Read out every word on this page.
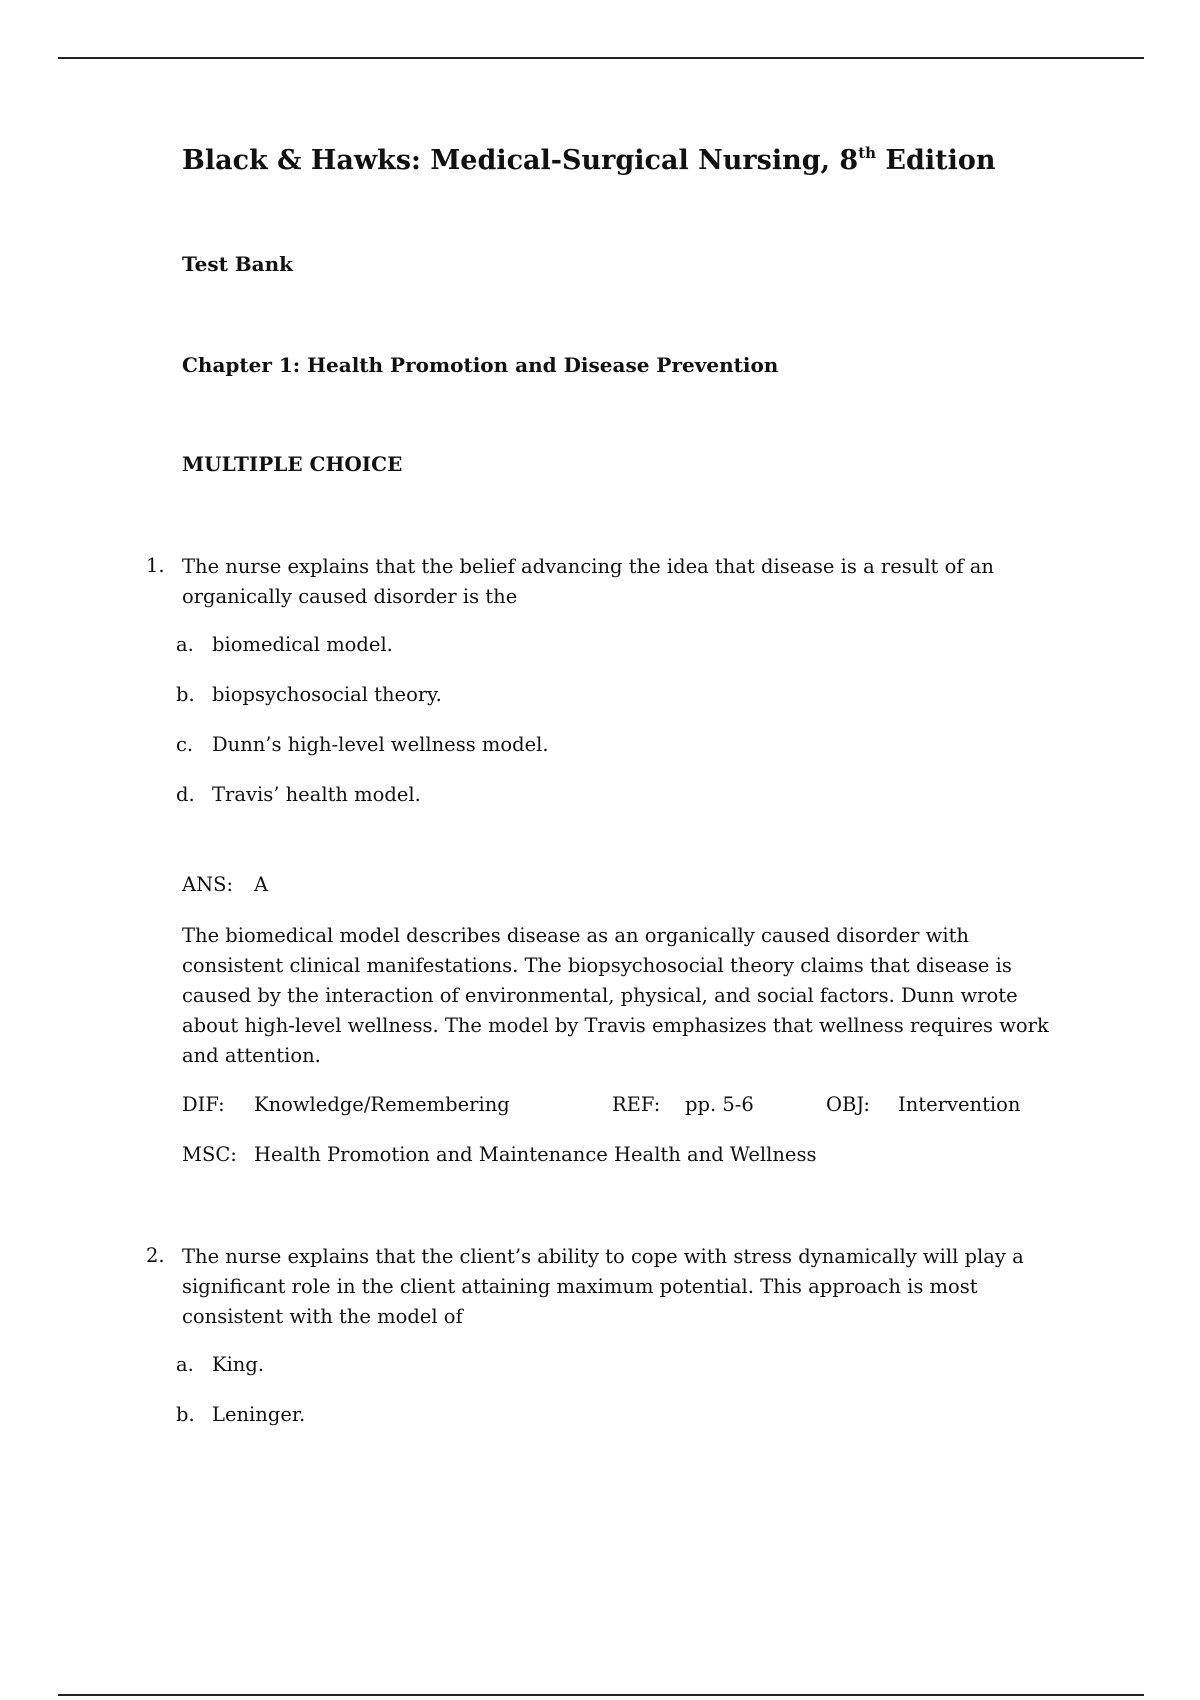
Black & Hawks: Medical-Surgical Nursing, 8th Edition
Test Bank
Chapter 1: Health Promotion and Disease Prevention
MULTIPLE CHOICE
1. The nurse explains that the belief advancing the idea that disease is a result of an organically caused disorder is the
a. biomedical model.
b. biopsychosocial theory.
c. Dunn’s high-level wellness model.
d. Travis’ health model.
ANS: A
The biomedical model describes disease as an organically caused disorder with consistent clinical manifestations. The biopsychosocial theory claims that disease is caused by the interaction of environmental, physical, and social factors. Dunn wrote about high-level wellness. The model by Travis emphasizes that wellness requires work and attention.
DIF: Knowledge/Remembering	REF: pp. 5-6	OBJ: Intervention
MSC: Health Promotion and Maintenance Health and Wellness
2. The nurse explains that the client’s ability to cope with stress dynamically will play a significant role in the client attaining maximum potential. This approach is most consistent with the model of
a. King.
b. Leninger.
